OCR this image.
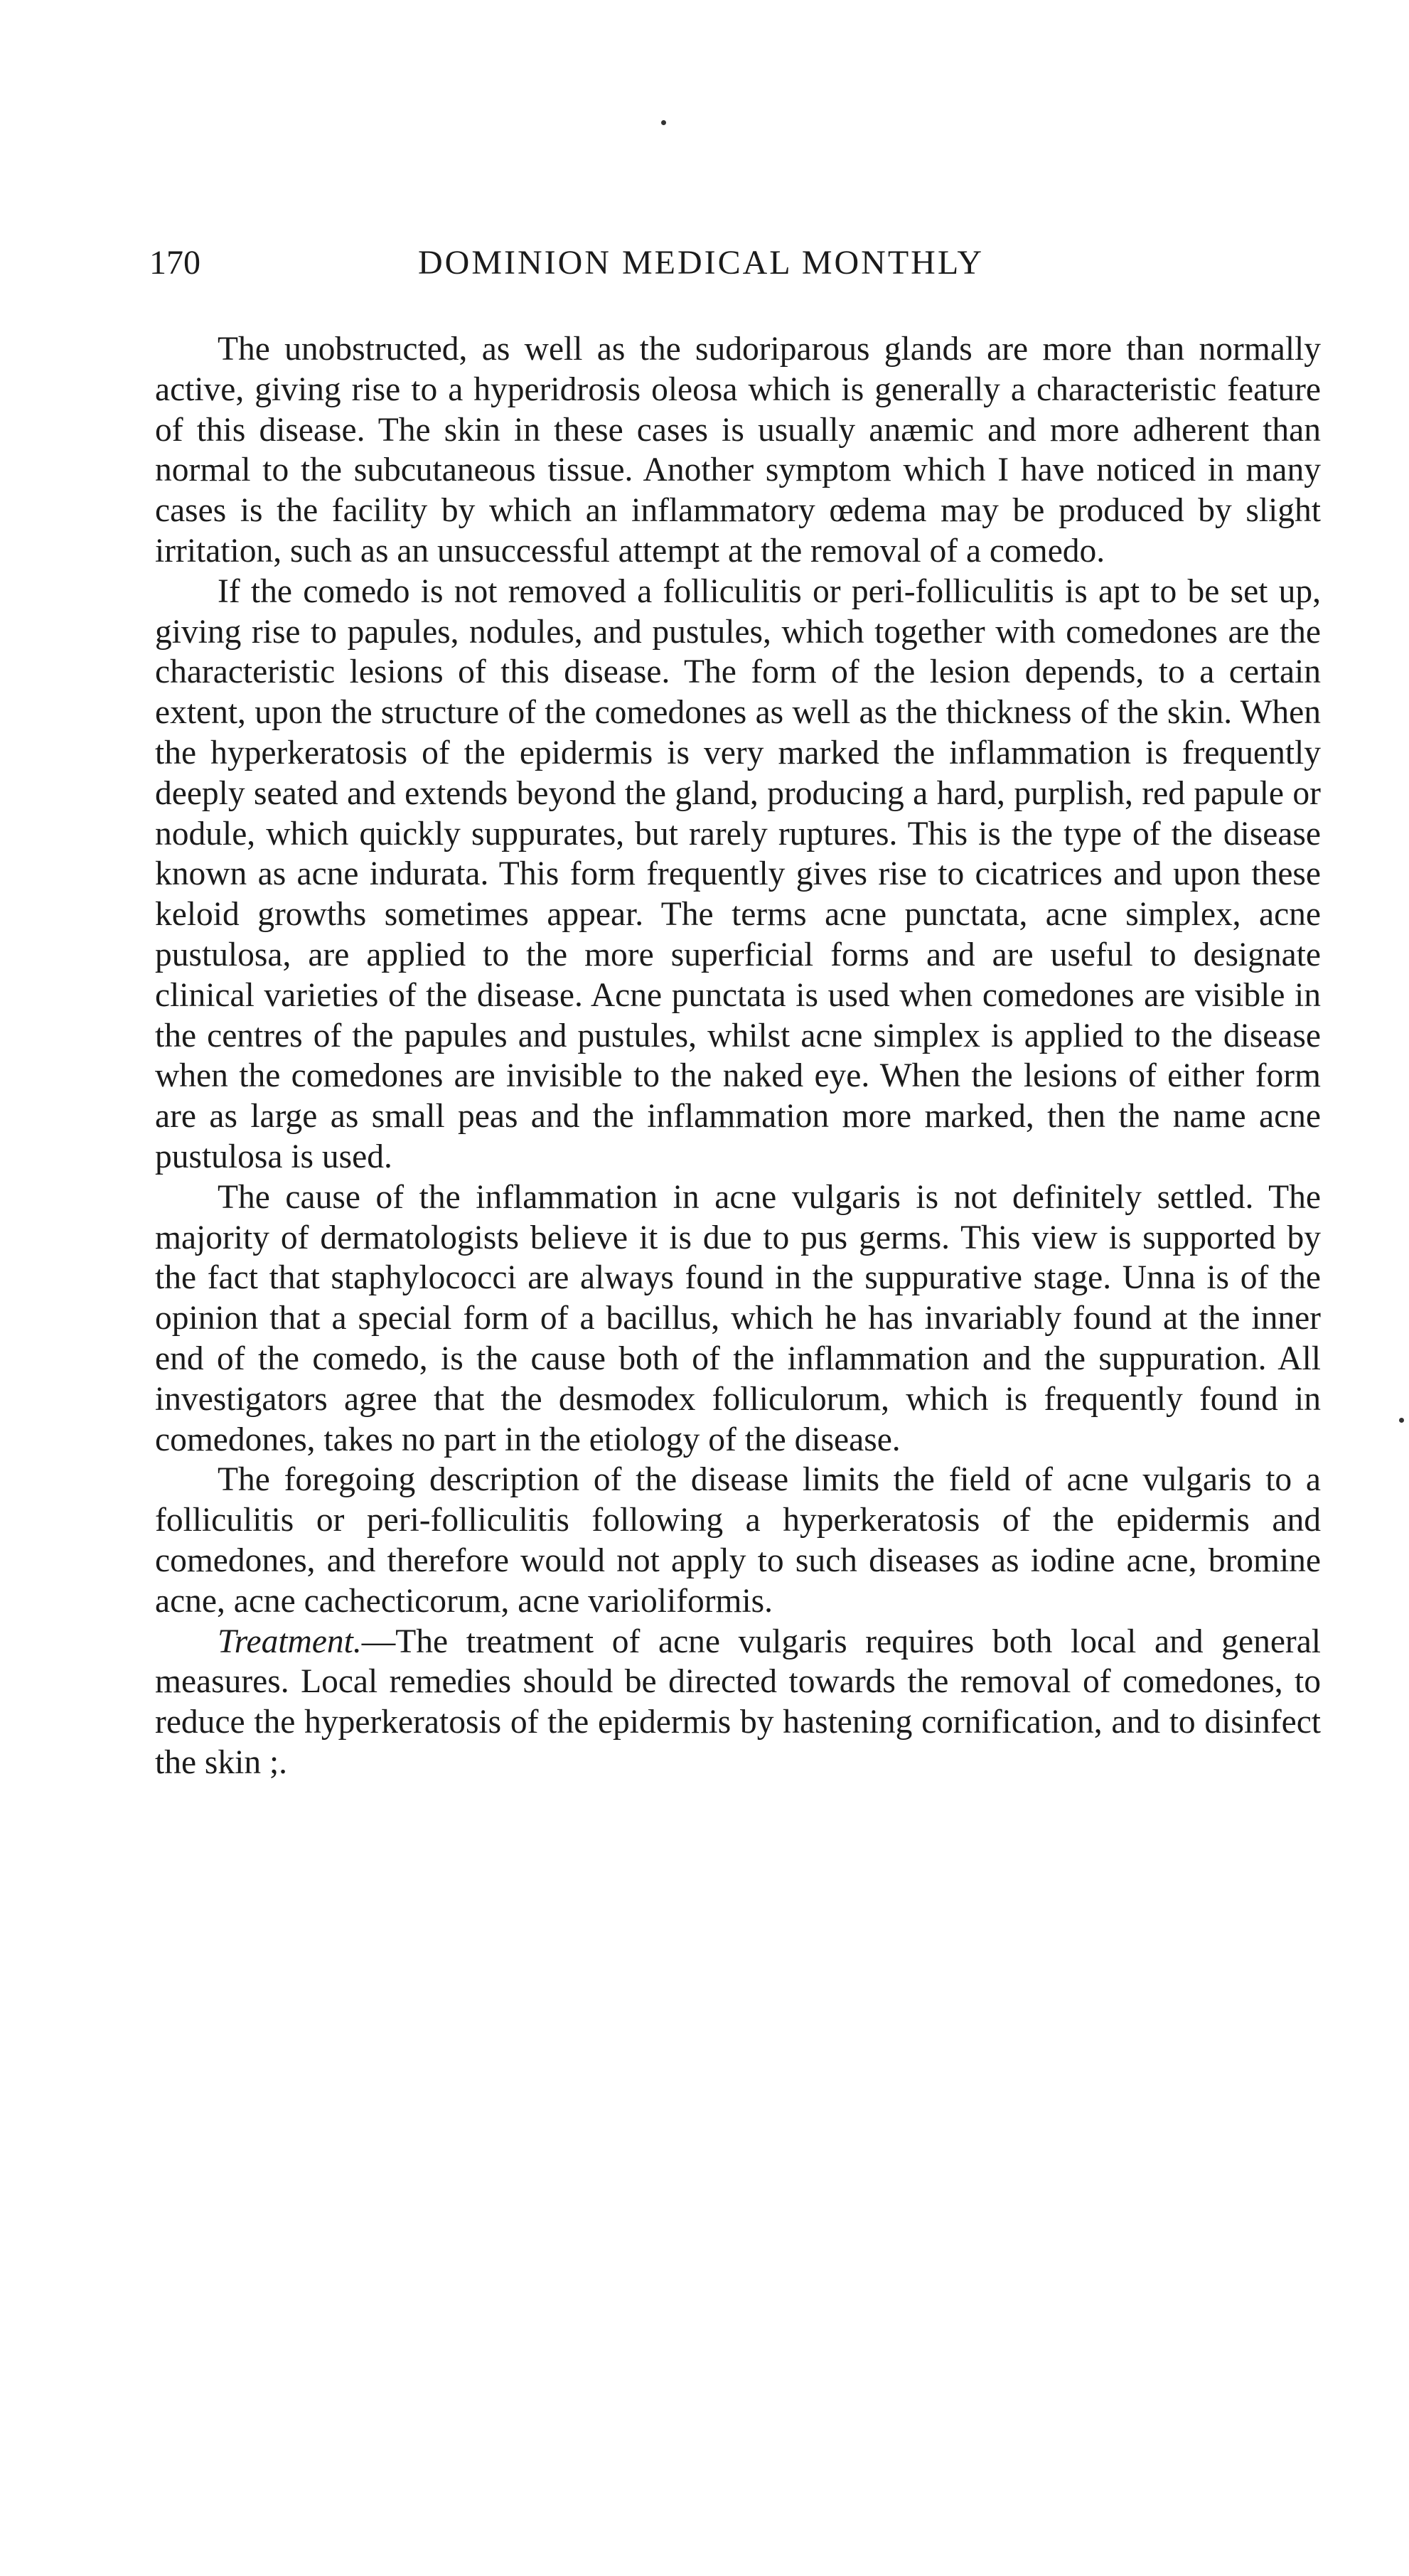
170	DOMINION MEDICAL MONTHLY

The unobstructed, as well as the sudoriparous glands are more than normally active, giving rise to a hyperidrosis oleosa which is generally a characteristic feature of this disease. The skin in these cases is usually anæmic and more adherent than normal to the subcutaneous tissue. Another symptom which I have noticed in many cases is the facility by which an inflammatory œdema may be produced by slight irritation, such as an unsuccessful attempt at the removal of a comedo.

If the comedo is not removed a folliculitis or peri-folliculitis is apt to be set up, giving rise to papules, nodules, and pustules, which together with comedones are the characteristic lesions of this disease. The form of the lesion depends, to a certain extent, upon the structure of the comedones as well as the thickness of the skin. When the hyperkeratosis of the epidermis is very marked the inflammation is frequently deeply seated and extends beyond the gland, producing a hard, purplish, red papule or nodule, which quickly suppurates, but rarely ruptures. This is the type of the disease known as acne indurata. This form frequently gives rise to cicatrices and upon these keloid growths sometimes appear. The terms acne punctata, acne simplex, acne pustulosa, are applied to the more superficial forms and are useful to designate clinical varieties of the disease. Acne punctata is used when comedones are visible in the centres of the papules and pustules, whilst acne simplex is applied to the disease when the comedones are invisible to the naked eye. When the lesions of either form are as large as small peas and the inflammation more marked, then the name acne pustulosa is used.

The cause of the inflammation in acne vulgaris is not definitely settled. The majority of dermatologists believe it is due to pus germs. This view is supported by the fact that staphylococci are always found in the suppurative stage. Unna is of the opinion that a special form of a bacillus, which he has invariably found at the inner end of the comedo, is the cause both of the inflammation and the suppuration. All investigators agree that the desmodex folliculorum, which is frequently found in comedones, takes no part in the etiology of the disease.

The foregoing description of the disease limits the field of acne vulgaris to a folliculitis or peri-folliculitis following a hyperkeratosis of the epidermis and comedones, and therefore would not apply to such diseases as iodine acne, bromine acne, acne cachecticorum, acne varioliformis.

Treatment.—The treatment of acne vulgaris requires both local and general measures. Local remedies should be directed towards the removal of comedones, to reduce the hyperkeratosis of the epidermis by hastening cornification, and to disinfect the skin ;.
